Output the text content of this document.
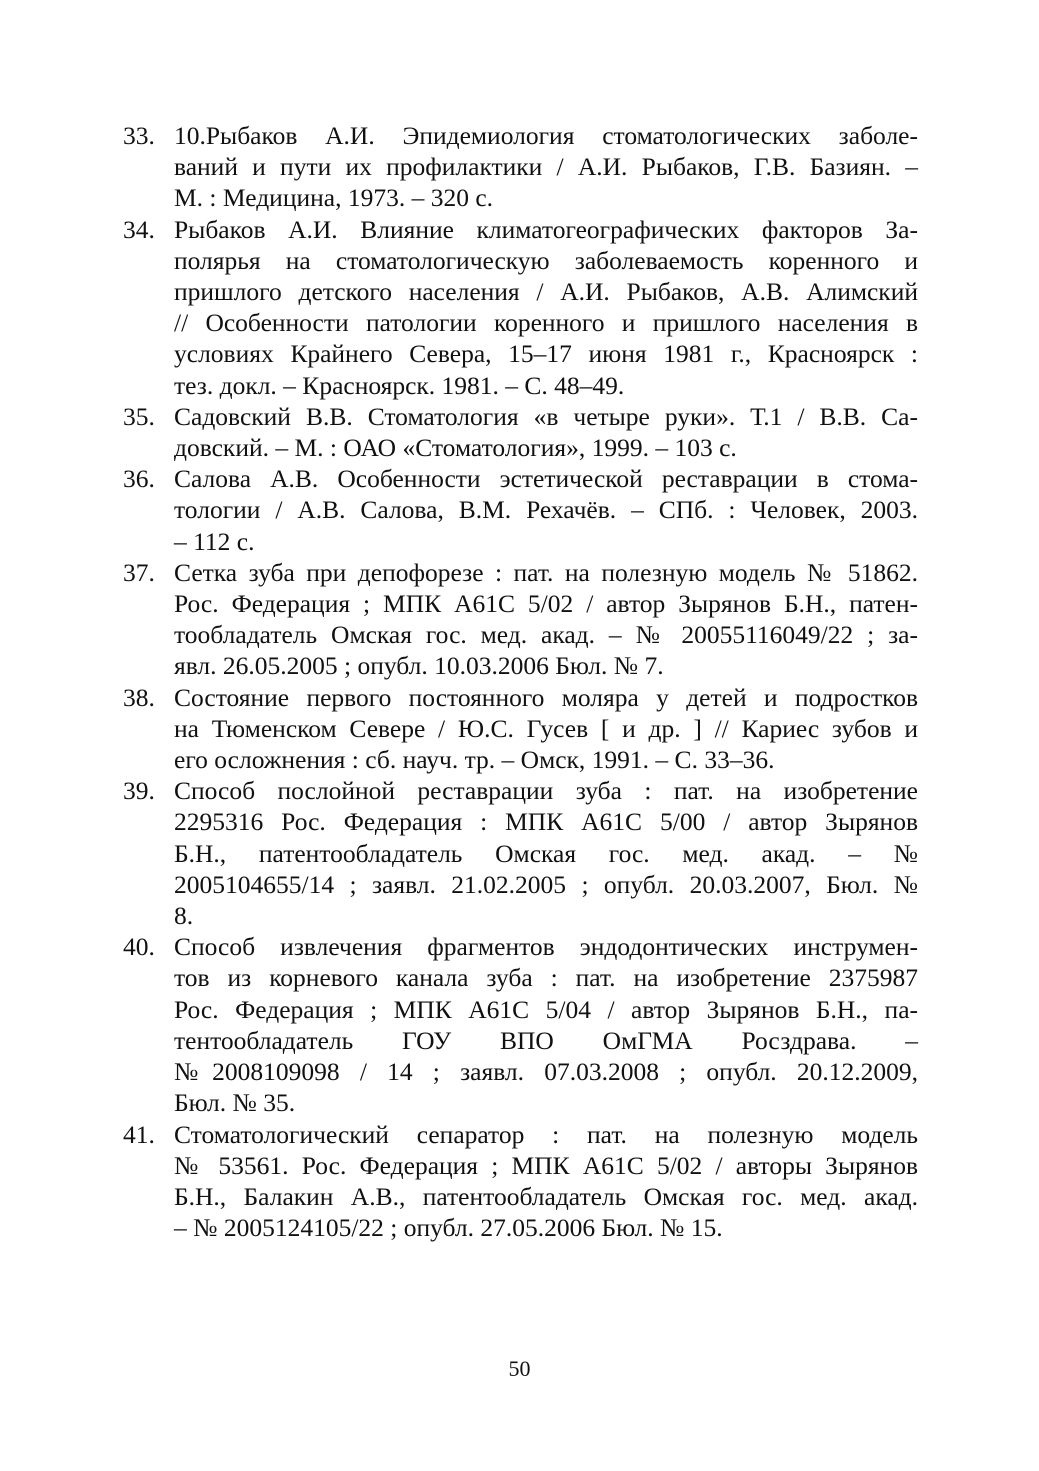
33. 10.Рыбаков А.И. Эпидемиология стоматологических заболе-
ваний и пути их профилактики / А.И. Рыбаков, Г.В. Базиян. –
М. : Медицина, 1973. – 320 с.
34. Рыбаков А.И. Влияние климатогеографических факторов За-
полярья на стоматологическую заболеваемость коренного и
пришлого детского населения / А.И. Рыбаков, А.В. Алимский
// Особенности патологии коренного и пришлого населения в
условиях Крайнего Севера, 15–17 июня 1981 г., Красноярск :
тез. докл. – Красноярск. 1981. – С. 48–49.
35. Садовский В.В. Стоматология «в четыре руки». Т.1 / В.В. Са-
довский. – М. : ОАО «Стоматология», 1999. – 103 с.
36. Салова А.В. Особенности эстетической реставрации в стома-
тологии / А.В. Салова, В.М. Рехачёв. – СПб. : Человек, 2003.
– 112 с.
37. Сетка зуба при депофорезе : пат. на полезную модель № 51862.
Рос. Федерация ; МПК A61C 5/02 / автор Зырянов Б.Н., патен-
тообладатель Омская гос. мед. акад. – № 20055116049/22 ; за-
явл. 26.05.2005 ; опубл. 10.03.2006 Бюл. № 7.
38. Состояние первого постоянного моляра у детей и подростков
на Тюменском Севере / Ю.С. Гусев [ и др. ] // Кариес зубов и
его осложнения : сб. науч. тр. – Омск, 1991. – С. 33–36.
39. Способ послойной реставрации зуба : пат. на изобретение
2295316 Рос. Федерация : МПК A61C 5/00 / автор Зырянов
Б.Н., патентообладатель Омская гос. мед. акад. – №
2005104655/14 ; заявл. 21.02.2005 ; опубл. 20.03.2007, Бюл. №
8.
40. Способ извлечения фрагментов эндодонтических инструмен-
тов из корневого канала зуба : пат. на изобретение 2375987
Рос. Федерация ; МПК A61C 5/04 / автор Зырянов Б.Н., па-
тентообладатель ГОУ ВПО ОмГМА Росздрава. –
№2008109098 / 14 ; заявл. 07.03.2008 ; опубл. 20.12.2009,
Бюл. № 35.
41. Стоматологический сепаратор : пат. на полезную модель
№ 53561. Рос. Федерация ; МПК A61C 5/02 / авторы Зырянов
Б.Н., Балакин А.В., патентообладатель Омская гос. мед. акад.
– № 2005124105/22 ; опубл. 27.05.2006 Бюл. № 15.
50
